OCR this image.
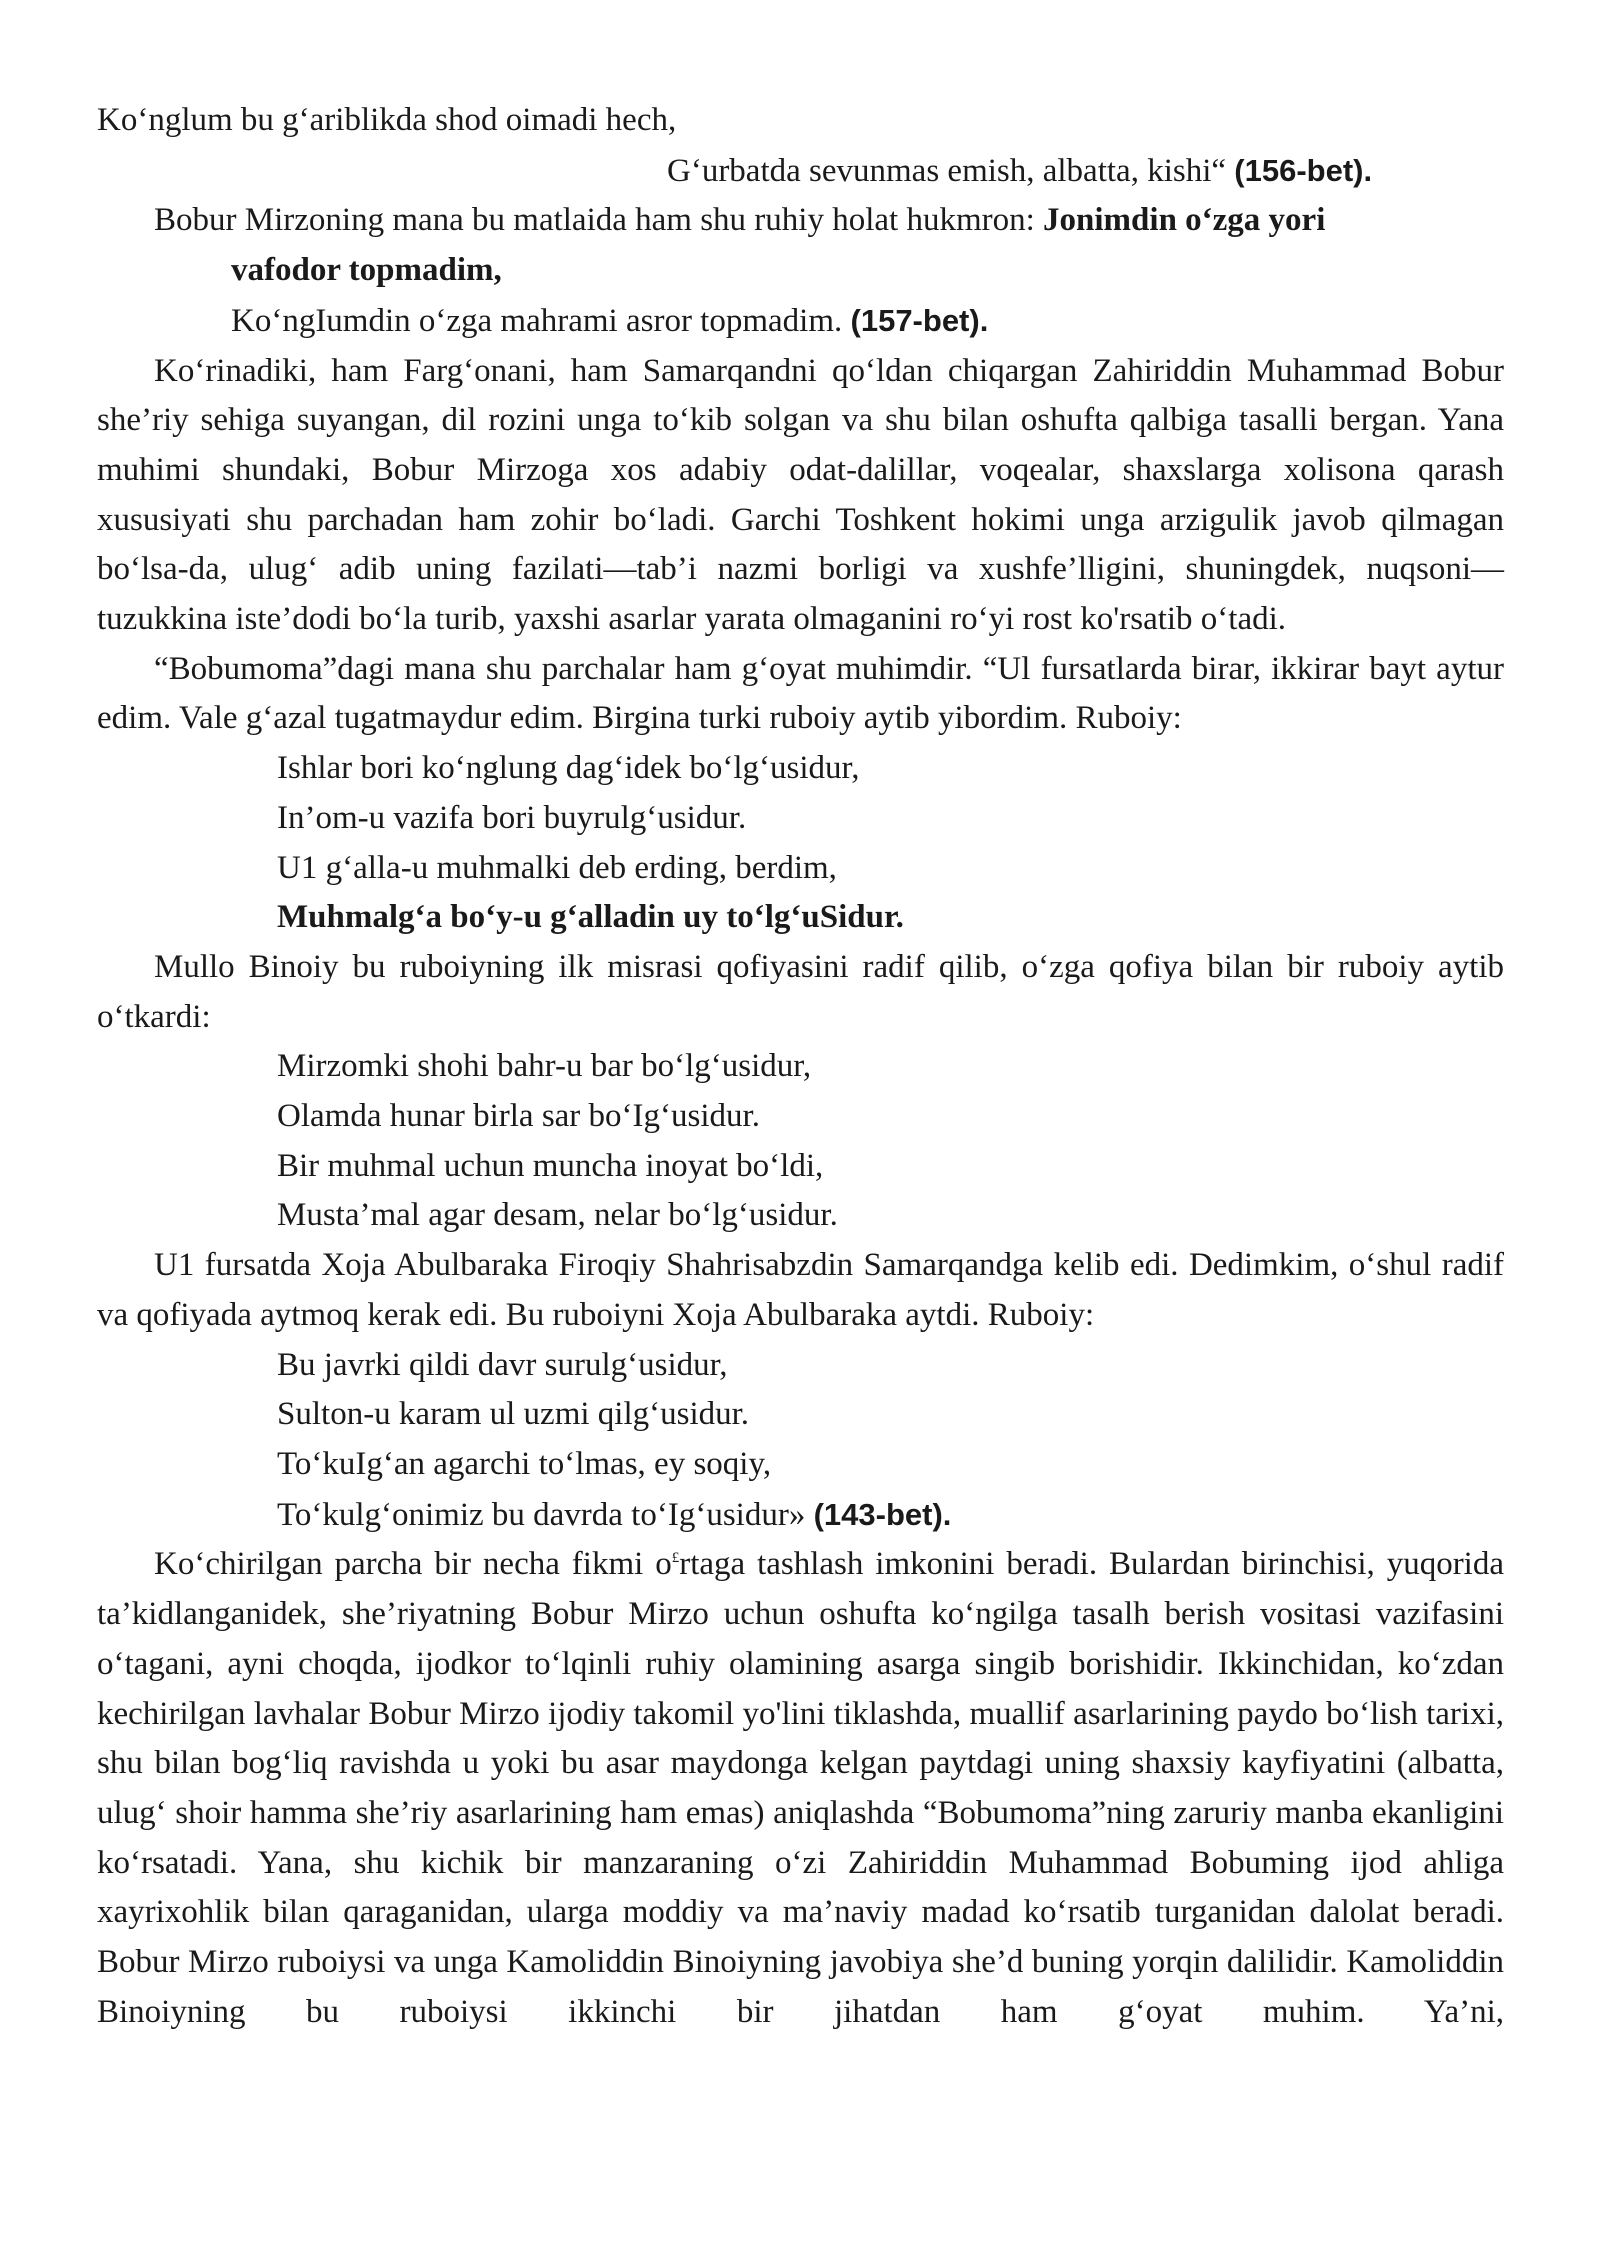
Ko‘nglum bu g‘ariblikda shod oimadi hech,
G‘urbatda sevunmas emish, albatta, kishi“ (156-bet).
Bobur Mirzoning mana bu matlaida ham shu ruhiy holat hukmron: Jonimdin o‘zga yori
vafodor topmadim,
Ko‘ngIumdin o‘zga mahrami asror topmadim. (157-bet).

Ko‘rinadiki, ham Farg‘onani, ham Samarqandni qo‘ldan chiqargan Zahiriddin Muhammad Bobur she’riy sehiga suyangan, dil rozini unga to‘kib solgan va shu bilan oshufta qalbiga tasalli bergan. Yana muhimi shundaki, Bobur Mirzoga xos adabiy odat-dalillar, voqealar, shaxslarga xolisona qarash xususiyati shu parchadan ham zohir bo‘ladi. Garchi Toshkent hokimi unga arzigulik javob qilmagan bo‘lsa-da, ulug‘ adib uning fazilati—tab’i nazmi borligi va xushfe’lligini, shuningdek, nuqsoni—tuzukkina iste’dodi bo‘la turib, yaxshi asarlar yarata olmaganini ro‘yi rost ko'rsatib o‘tadi.

“Bobumoma”dagi mana shu parchalar ham g‘oyat muhimdir. “Ul fursatlarda birar, ikkirar bayt aytur edim. Vale g‘azal tugatmaydur edim. Birgina turki ruboiy aytib yibordim. Ruboiy:

Ishlar bori ko‘nglung dag‘idek bo‘lg‘usidur,
In’om-u vazifa bori buyrulg‘usidur.
U1 g‘alla-u muhmalki deb erding, berdim,
Muhmalg‘a bo‘y-u g‘alladin uy to‘lg‘uSidur.

Mullo Binoiy bu ruboiyning ilk misrasi qofiyasini radif qilib, o‘zga qofiya bilan bir ruboiy aytib o‘tkardi:

Mirzomki shohi bahr-u bar bo‘lg‘usidur,
Olamda hunar birla sar bo‘Ig‘usidur.
Bir muhmal uchun muncha inoyat bo‘ldi,
Musta’mal agar desam, nelar bo‘lg‘usidur.

U1 fursatda Xoja Abulbaraka Firoqiy Shahrisabzdin Samarqandga kelib edi. Dedimkim, o‘shul radif va qofiyada aytmoq kerak edi. Bu ruboiyni Xoja Abulbaraka aytdi. Ruboiy:

Bu javrki qildi davr surulg‘usidur,
Sulton-u karam ul uzmi qilg‘usidur.
To‘kuIg‘an agarchi to‘lmas, ey soqiy,
To‘kulg‘onimiz bu davrda to‘Ig‘usidur» (143-bet).

Ko‘chirilgan parcha bir necha fikmi o£rtaga tashlash imkonini beradi. Bulardan birinchisi, yuqorida ta’kidlanganidek, she’riyatning Bobur Mirzo uchun oshufta ko‘ngilga tasalh berish vositasi vazifasini o‘tagani, ayni choqda, ijodkor to‘lqinli ruhiy olamining asarga singib borishidir. Ikkinchidan, ko‘zdan kechirilgan lavhalar Bobur Mirzo ijodiy takomil yo'lini tiklashda, muallif asarlarining paydo bo‘lish tarixi, shu bilan bog‘liq ravishda u yoki bu asar maydonga kelgan paytdagi uning shaxsiy kayfiyatini (albatta, ulug‘ shoir hamma she’riy asarlarining ham emas) aniqlashda “Bobumoma”ning zaruriy manba ekanligini ko‘rsatadi. Yana, shu kichik bir manzaraning o‘zi Zahiriddin Muhammad Bobuming ijod ahliga xayrixohlik bilan qaraganidan, ularga moddiy va ma’naviy madad ko‘rsatib turganidan dalolat beradi. Bobur Mirzo ruboiysi va unga Kamoliddin Binoiyning javobiya she’d buning yorqin dalilidir. Kamoliddin Binoiyning bu ruboiysi ikkinchi bir jihatdan ham g‘oyat muhim. Ya’ni,
